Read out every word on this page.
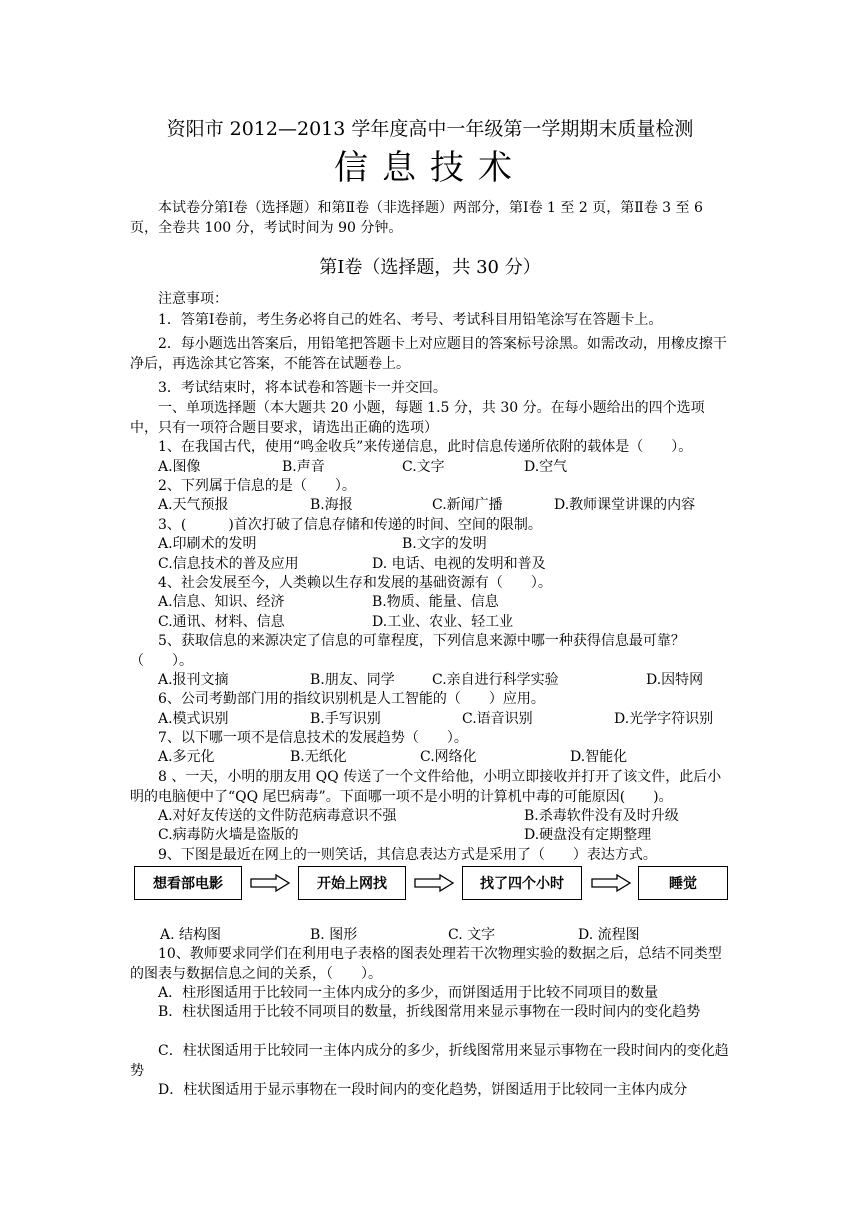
资阳市 2012—2013 学年度高中一年级第一学期期末质量检测
信息技术
本试卷分第Ⅰ卷（选择题）和第Ⅱ卷（非选择题）两部分，第Ⅰ卷 1 至 2 页，第Ⅱ卷 3 至 6 页，全卷共 100 分，考试时间为 90 分钟。
第Ⅰ卷（选择题，共 30 分）
注意事项：
1．答第Ⅰ卷前，考生务必将自己的姓名、考号、考试科目用铅笔涂写在答题卡上。
2．每小题选出答案后，用铅笔把答题卡上对应题目的答案标号涂黑。如需改动，用橡皮擦干净后，再选涂其它答案，不能答在试题卷上。
3．考试结束时，将本试卷和答题卡一并交回。
一、单项选择题（本大题共 20 小题，每题 1.5 分，共 30 分。在每小题给出的四个选项中，只有一项符合题目要求，请选出正确的选项）
1、在我国古代，使用“鸣金收兵”来传递信息，此时信息传递所依附的载体是（　　）。
A.图像	B.声音	C.文字	D.空气
2、下列属于信息的是（　　）。
A.天气预报	B.海报	C.新闻广播	D.教师课堂讲课的内容
3、(　　　)首次打破了信息存储和传递的时间、空间的限制。
A.印刷术的发明	B.文字的发明
C.信息技术的普及应用	D. 电话、电视的发明和普及
4、社会发展至今，人类赖以生存和发展的基础资源有（　　）。
A.信息、知识、经济	B.物质、能量、信息
C.通讯、材料、信息	D.工业、农业、轻工业
5、获取信息的来源决定了信息的可靠程度，下列信息来源中哪一种获得信息最可靠？（　　）。
A.报刊文摘	B.朋友、同学	C.亲自进行科学实验	D.因特网
6、公司考勤部门用的指纹识别机是人工智能的（　　）应用。
A.模式识别	B.手写识别	C.语音识别	D.光学字符识别
7、以下哪一项不是信息技术的发展趋势（　　）。
A.多元化	B.无纸化	C.网络化	D.智能化
8 、一天，小明的朋友用 QQ 传送了一个文件给他，小明立即接收并打开了该文件，此后小明的电脑便中了“QQ 尾巴病毒”。下面哪一项不是小明的计算机中毒的可能原因(　　)。
A.对好友传送的文件防范病毒意识不强	B.杀毒软件没有及时升级
C.病毒防火墙是盗版的	D.硬盘没有定期整理
9、下图是最近在网上的一则笑话，其信息表达方式是采用了（　　）表达方式。
想看部电影	开始上网找	找了四个小时	睡觉
A. 结构图	B. 图形	C. 文字	D. 流程图
10、教师要求同学们在利用电子表格的图表处理若干次物理实验的数据之后，总结不同类型的图表与数据信息之间的关系，（　　）。
A．柱形图适用于比较同一主体内成分的多少，而饼图适用于比较不同项目的数量
B．柱状图适用于比较不同项目的数量，折线图常用来显示事物在一段时间内的变化趋势
C．柱状图适用于比较同一主体内成分的多少，折线图常用来显示事物在一段时间内的变化趋势
D．柱状图适用于显示事物在一段时间内的变化趋势，饼图适用于比较同一主体内成分
